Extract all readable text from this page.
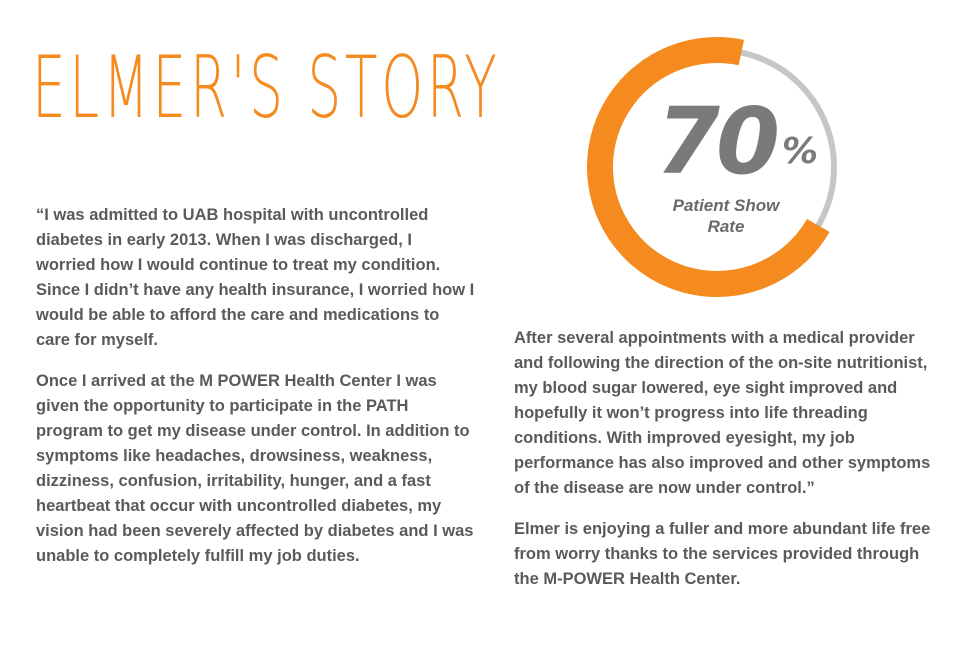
ELMER'S STORY 70 %

Patient Show
Rate

“I was admitted to UAB hospital with uncontrolled diabetes in early 2013. When I was discharged, I worried how I would continue to treat my condition. Since I didn’t have any health insurance, I worried how I would be able to afford the care and medications to care for myself.

Once I arrived at the M POWER Health Center I was given the opportunity to participate in the PATH program to get my disease under control. In addition to symptoms like headaches, drowsiness, weakness, dizziness, confusion, irritability, hunger, and a fast heartbeat that occur with uncontrolled diabetes, my vision had been severely affected by diabetes and I was unable to completely fulfill my job duties.

After several appointments with a medical provider and following the direction of the on-site nutritionist, my blood sugar lowered, eye sight improved and hopefully it won’t progress into life threading conditions. With improved eyesight, my job performance has also improved and other symptoms of the disease are now under control.”

Elmer is enjoying a fuller and more abundant life free from worry thanks to the services provided through the M-POWER Health Center.
